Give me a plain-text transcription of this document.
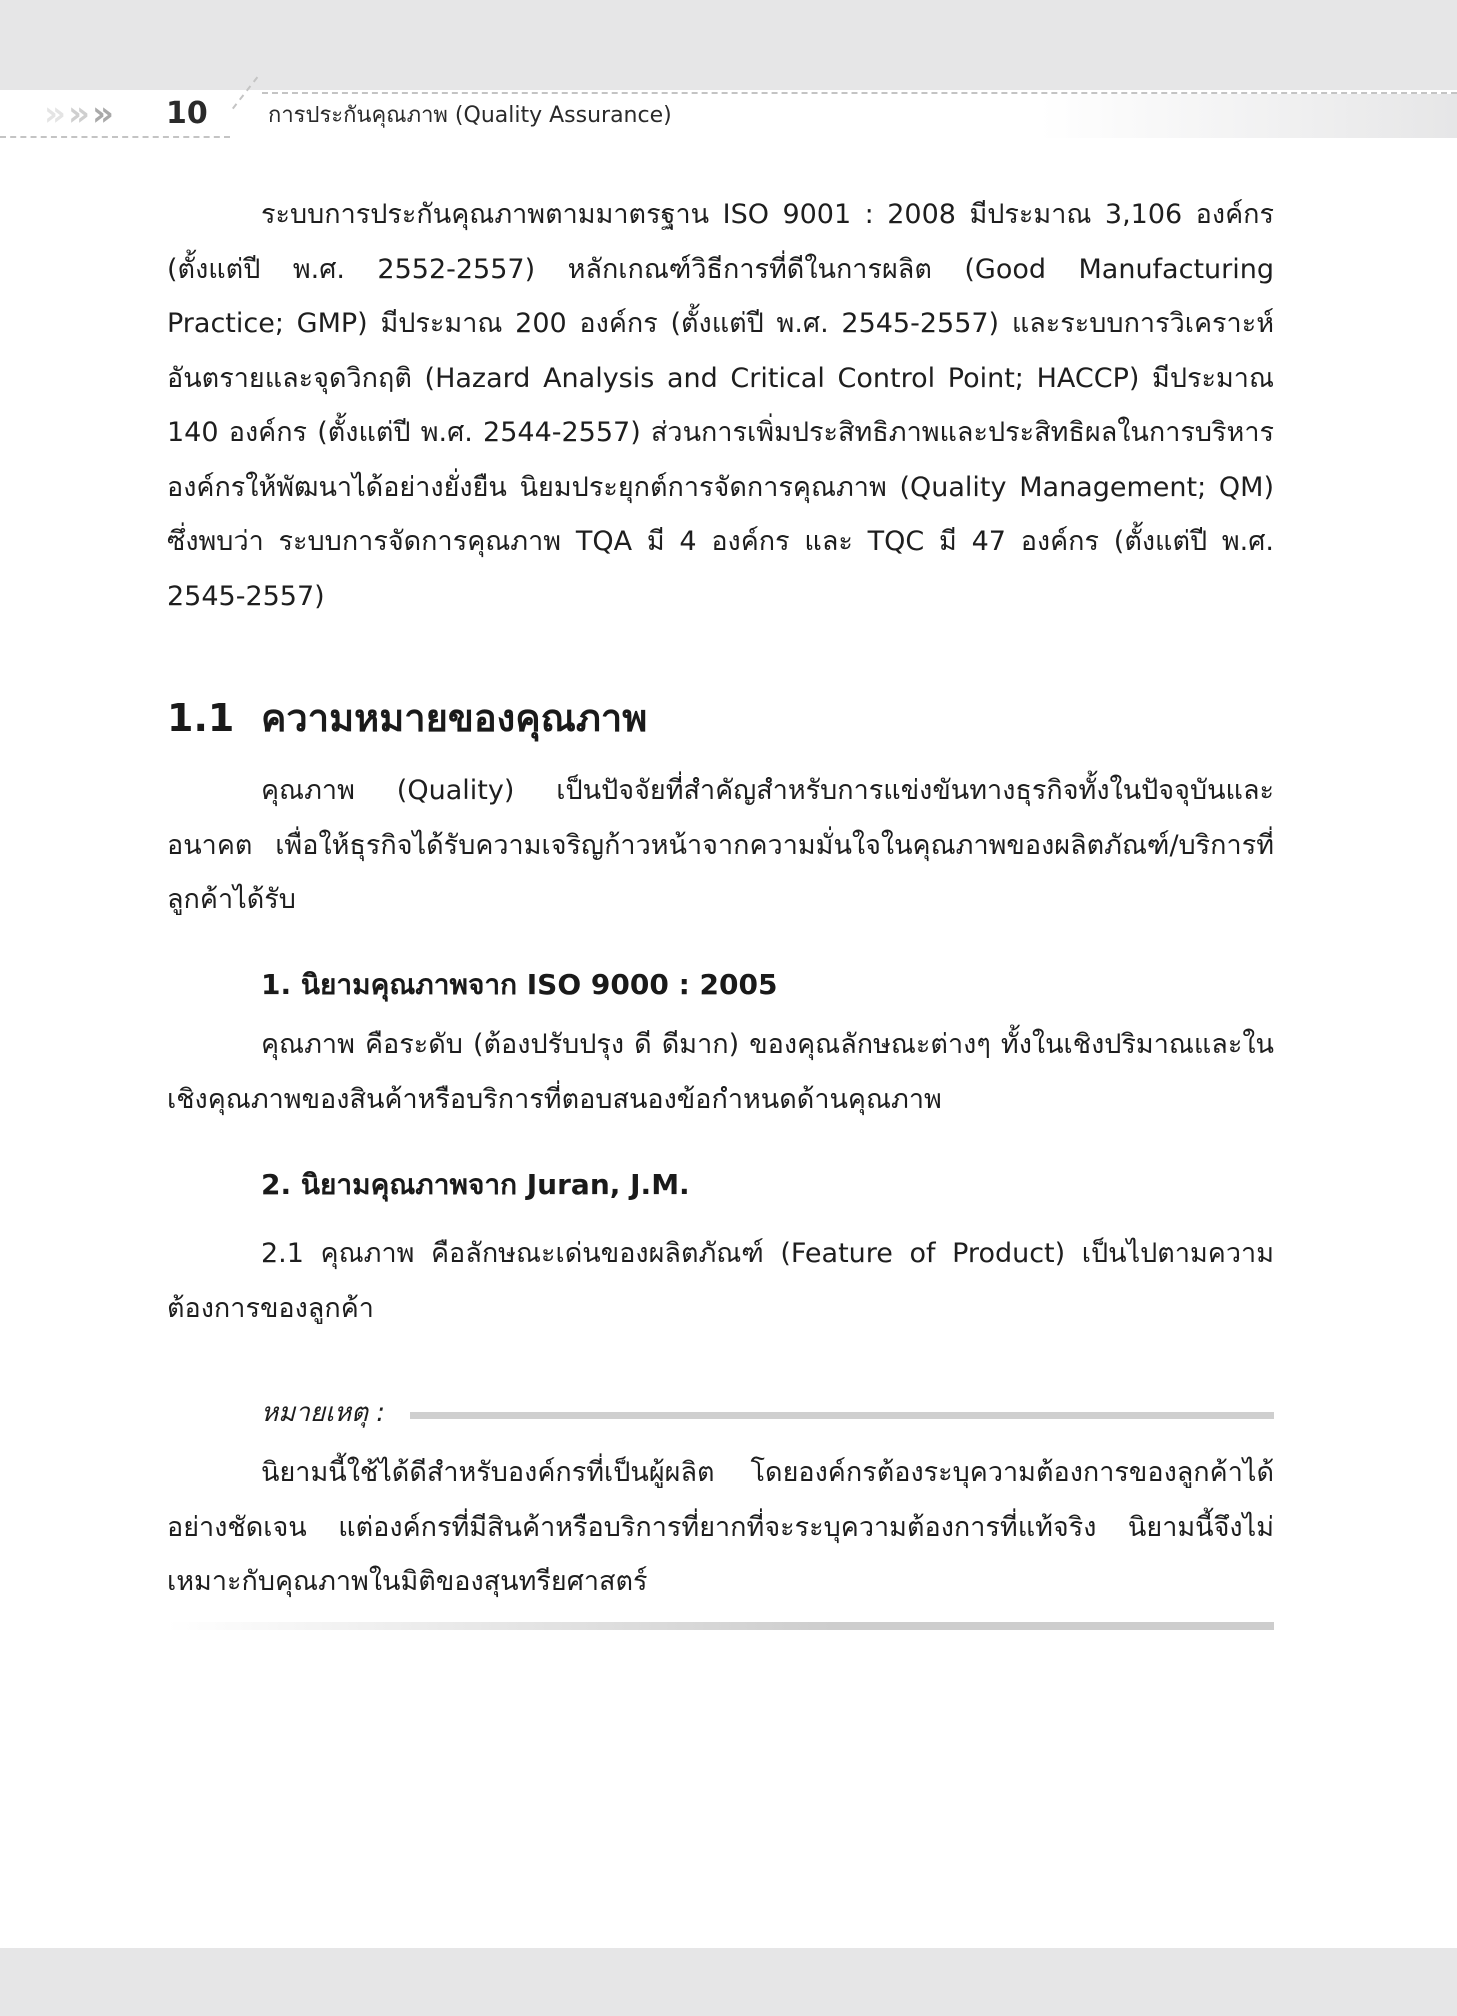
» » » 10	การประกันคุณภาพ (Quality Assurance)

ระบบการประกันคุณภาพตามมาตรฐาน ISO 9001 : 2008 มีประมาณ 3,106 องค์กร (ตั้งแต่ปี พ.ศ. 2552-2557) หลักเกณฑ์วิธีการที่ดีในการผลิต (Good Manufacturing Practice; GMP) มีประมาณ 200 องค์กร (ตั้งแต่ปี พ.ศ. 2545-2557) และระบบการวิเคราะห์อันตรายและจุดวิกฤติ (Hazard Analysis and Critical Control Point; HACCP) มีประมาณ 140 องค์กร (ตั้งแต่ปี พ.ศ. 2544-2557) ส่วนการเพิ่มประสิทธิภาพและประสิทธิผลในการบริหารองค์กรให้พัฒนาได้อย่างยั่งยืน นิยมประยุกต์การจัดการคุณภาพ (Quality Management; QM) ซึ่งพบว่า ระบบการจัดการคุณภาพ TQA มี 4 องค์กร และ TQC มี 47 องค์กร (ตั้งแต่ปี พ.ศ. 2545-2557)

1.1 ความหมายของคุณภาพ

คุณภาพ (Quality) เป็นปัจจัยที่สำคัญสำหรับการแข่งขันทางธุรกิจทั้งในปัจจุบันและอนาคต เพื่อให้ธุรกิจได้รับความเจริญก้าวหน้าจากความมั่นใจในคุณภาพของผลิตภัณฑ์/บริการที่ลูกค้าได้รับ

1. นิยามคุณภาพจาก ISO 9000 : 2005

คุณภาพ คือระดับ (ต้องปรับปรุง ดี ดีมาก) ของคุณลักษณะต่างๆ ทั้งในเชิงปริมาณและในเชิงคุณภาพของสินค้าหรือบริการที่ตอบสนองข้อกำหนดด้านคุณภาพ

2. นิยามคุณภาพจาก Juran, J.M.

2.1 คุณภาพ คือลักษณะเด่นของผลิตภัณฑ์ (Feature of Product) เป็นไปตามความต้องการของลูกค้า

หมายเหตุ :

นิยามนี้ใช้ได้ดีสำหรับองค์กรที่เป็นผู้ผลิต โดยองค์กรต้องระบุความต้องการของลูกค้าได้อย่างชัดเจน แต่องค์กรที่มีสินค้าหรือบริการที่ยากที่จะระบุความต้องการที่แท้จริง นิยามนี้จึงไม่เหมาะกับคุณภาพในมิติของสุนทรียศาสตร์
